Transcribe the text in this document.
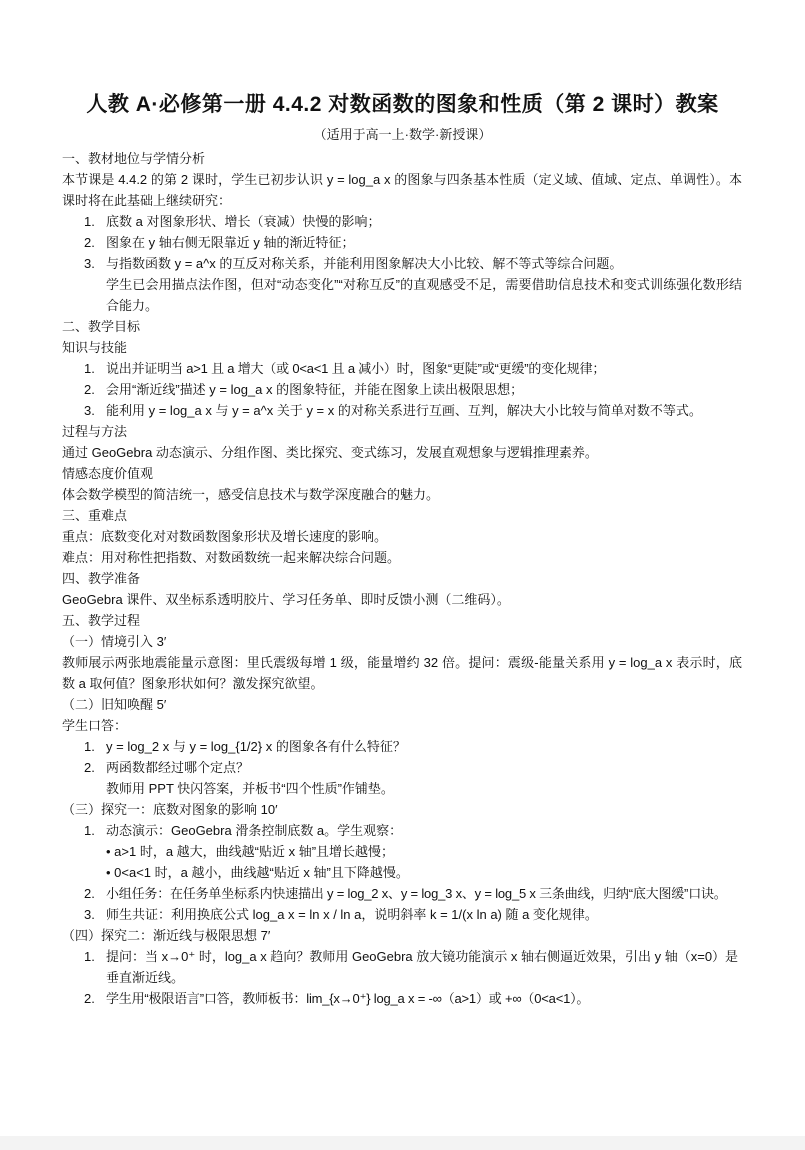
人教 A·必修第一册 4.4.2 对数函数的图象和性质（第 2 课时）教案
（适用于高一上·数学·新授课）
一、教材地位与学情分析
本节课是 4.4.2 的第 2 课时，学生已初步认识 y = log_a x 的图象与四条基本性质（定义域、值域、定点、单调性）。本课时将在此基础上继续研究：
1. 底数 a 对图象形状、增长（衰减）快慢的影响；
2. 图象在 y 轴右侧无限靠近 y 轴的渐近特征；
3. 与指数函数 y = a^x 的互反对称关系，并能利用图象解决大小比较、解不等式等综合问题。
学生已会用描点法作图，但对“动态变化”“对称互反”的直观感受不足，需要借助信息技术和变式训练强化数形结合能力。
二、教学目标
知识与技能
1. 说出并证明当 a>1 且 a 增大（或 0<a<1 且 a 减小）时，图象“更陡”或“更缓”的变化规律；
2. 会用“渐近线”描述 y = log_a x 的图象特征，并能在图象上读出极限思想；
3. 能利用 y = log_a x 与 y = a^x 关于 y = x 的对称关系进行互画、互判，解决大小比较与简单对数不等式。
过程与方法
通过 GeoGebra 动态演示、分组作图、类比探究、变式练习，发展直观想象与逻辑推理素养。
情感态度价值观
体会数学模型的简洁统一，感受信息技术与数学深度融合的魅力。
三、重难点
重点：底数变化对对数函数图象形状及增长速度的影响。
难点：用对称性把指数、对数函数统一起来解决综合问题。
四、教学准备
GeoGebra 课件、双坐标系透明胶片、学习任务单、即时反馈小测（二维码）。
五、教学过程
（一）情境引入 3′
教师展示两张地震能量示意图：里氏震级每增 1 级，能量增约 32 倍。提问：震级-能量关系用 y = log_a x 表示时，底数 a 取何值？图象形状如何？激发探究欲望。
（二）旧知唤醒 5′
学生口答：
1. y = log_2 x 与 y = log_{1/2} x 的图象各有什么特征？
2. 两函数都经过哪个定点？
教师用 PPT 快闪答案，并板书“四个性质”作铺垫。
（三）探究一：底数对图象的影响 10′
1. 动态演示：GeoGebra 滑条控制底数 a。学生观察：
• a>1 时，a 越大，曲线越“贴近 x 轴”且增长越慢；
• 0<a<1 时，a 越小，曲线越“贴近 x 轴”且下降越慢。
2. 小组任务：在任务单坐标系内快速描出 y = log_2 x、y = log_3 x、y = log_5 x 三条曲线，归纳“底大图缓”口诀。
3. 师生共证：利用换底公式 log_a x = ln x / ln a，说明斜率 k = 1/(x ln a) 随 a 变化规律。
（四）探究二：渐近线与极限思想 7′
1. 提问：当 x→0⁺ 时，log_a x 趋向？教师用 GeoGebra 放大镜功能演示 x 轴右侧逼近效果，引出 y 轴（x=0）是垂直渐近线。
2. 学生用“极限语言”口答，教师板书：lim_{x→0⁺} log_a x = -∞（a>1）或 +∞（0<a<1）。
